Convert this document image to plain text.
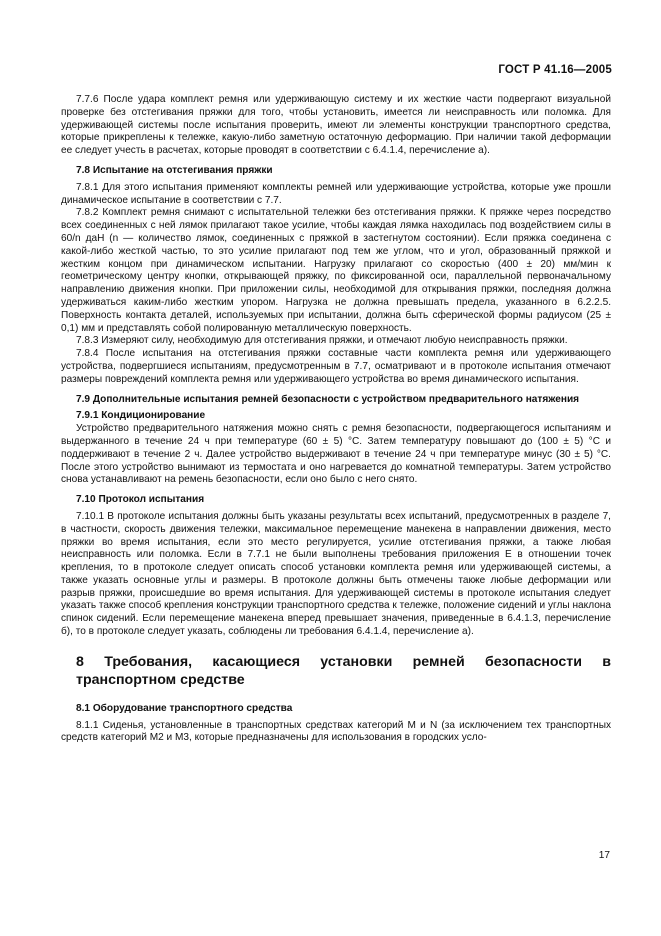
ГОСТ Р 41.16—2005

7.7.6 После удара комплект ремня или удерживающую систему и их жесткие части подвергают визуальной проверке без отстегивания пряжки для того, чтобы установить, имеется ли неисправность или поломка. Для удерживающей системы после испытания проверить, имеют ли элементы конструкции транспортного средства, которые прикреплены к тележке, какую-либо заметную остаточную деформацию. При наличии такой деформации ее следует учесть в расчетах, которые проводят в соответствии с 6.4.1.4, перечисление а).

7.8 Испытание на отстегивания пряжки

7.8.1 Для этого испытания применяют комплекты ремней или удерживающие устройства, которые уже прошли динамическое испытание в соответствии с 7.7.

7.8.2 Комплект ремня снимают с испытательной тележки без отстегивания пряжки. К пряжке через посредство всех соединенных с ней лямок прилагают такое усилие, чтобы каждая лямка находилась под воздействием силы в 60/n даН (n — количество лямок, соединенных с пряжкой в застегнутом состоянии). Если пряжка соединена с какой-либо жесткой частью, то это усилие прилагают под тем же углом, что и угол, образованный пряжкой и жестким концом при динамическом испытании. Нагрузку прилагают со скоростью (400 ± 20) мм/мин к геометрическому центру кнопки, открывающей пряжку, по фиксированной оси, параллельной первоначальному направлению движения кнопки. При приложении силы, необходимой для открывания пряжки, последняя должна удерживаться каким-либо жестким упором. Нагрузка не должна превышать предела, указанного в 6.2.2.5. Поверхность контакта деталей, используемых при испытании, должна быть сферической формы радиусом (25 ± 0,1) мм и представлять собой полированную металлическую поверхность.

7.8.3 Измеряют силу, необходимую для отстегивания пряжки, и отмечают любую неисправность пряжки.

7.8.4 После испытания на отстегивания пряжки составные части комплекта ремня или удерживающего устройства, подвергшиеся испытаниям, предусмотренным в 7.7, осматривают и в протоколе испытания отмечают размеры повреждений комплекта ремня или удерживающего устройства во время динамического испытания.

7.9 Дополнительные испытания ремней безопасности с устройством предварительного натяжения

7.9.1 Кондиционирование

Устройство предварительного натяжения можно снять с ремня безопасности, подвергающегося испытаниям и выдержанного в течение 24 ч при температуре (60 ± 5) °С. Затем температуру повышают до (100 ± 5) °С и поддерживают в течение 2 ч. Далее устройство выдерживают в течение 24 ч при температуре минус (30 ± 5) °С. После этого устройство вынимают из термостата и оно нагревается до комнатной температуры. Затем устройство снова устанавливают на ремень безопасности, если оно было с него снято.

7.10 Протокол испытания

7.10.1 В протоколе испытания должны быть указаны результаты всех испытаний, предусмотренных в разделе 7, в частности, скорость движения тележки, максимальное перемещение манекена в направлении движения, место пряжки во время испытания, если это место регулируется, усилие отстегивания пряжки, а также любая неисправность или поломка. Если в 7.7.1 не были выполнены требования приложения Е в отношении точек крепления, то в протоколе следует описать способ установки комплекта ремня или удерживающей системы, а также указать основные углы и размеры. В протоколе должны быть отмечены также любые деформации или разрыв пряжки, происшедшие во время испытания. Для удерживающей системы в протоколе испытания следует указать также способ крепления конструкции транспортного средства к тележке, положение сидений и углы наклона спинок сидений. Если перемещение манекена вперед превышает значения, приведенные в 6.4.1.3, перечисление б), то в протоколе следует указать, соблюдены ли требования 6.4.1.4, перечисление а).

8 Требования, касающиеся установки ремней безопасности в транспортном средстве

8.1 Оборудование транспортного средства

8.1.1 Сиденья, установленные в транспортных средствах категорий М и N (за исключением тех транспортных средств категорий М2 и М3, которые предназначены для использования в городских усло-

17
